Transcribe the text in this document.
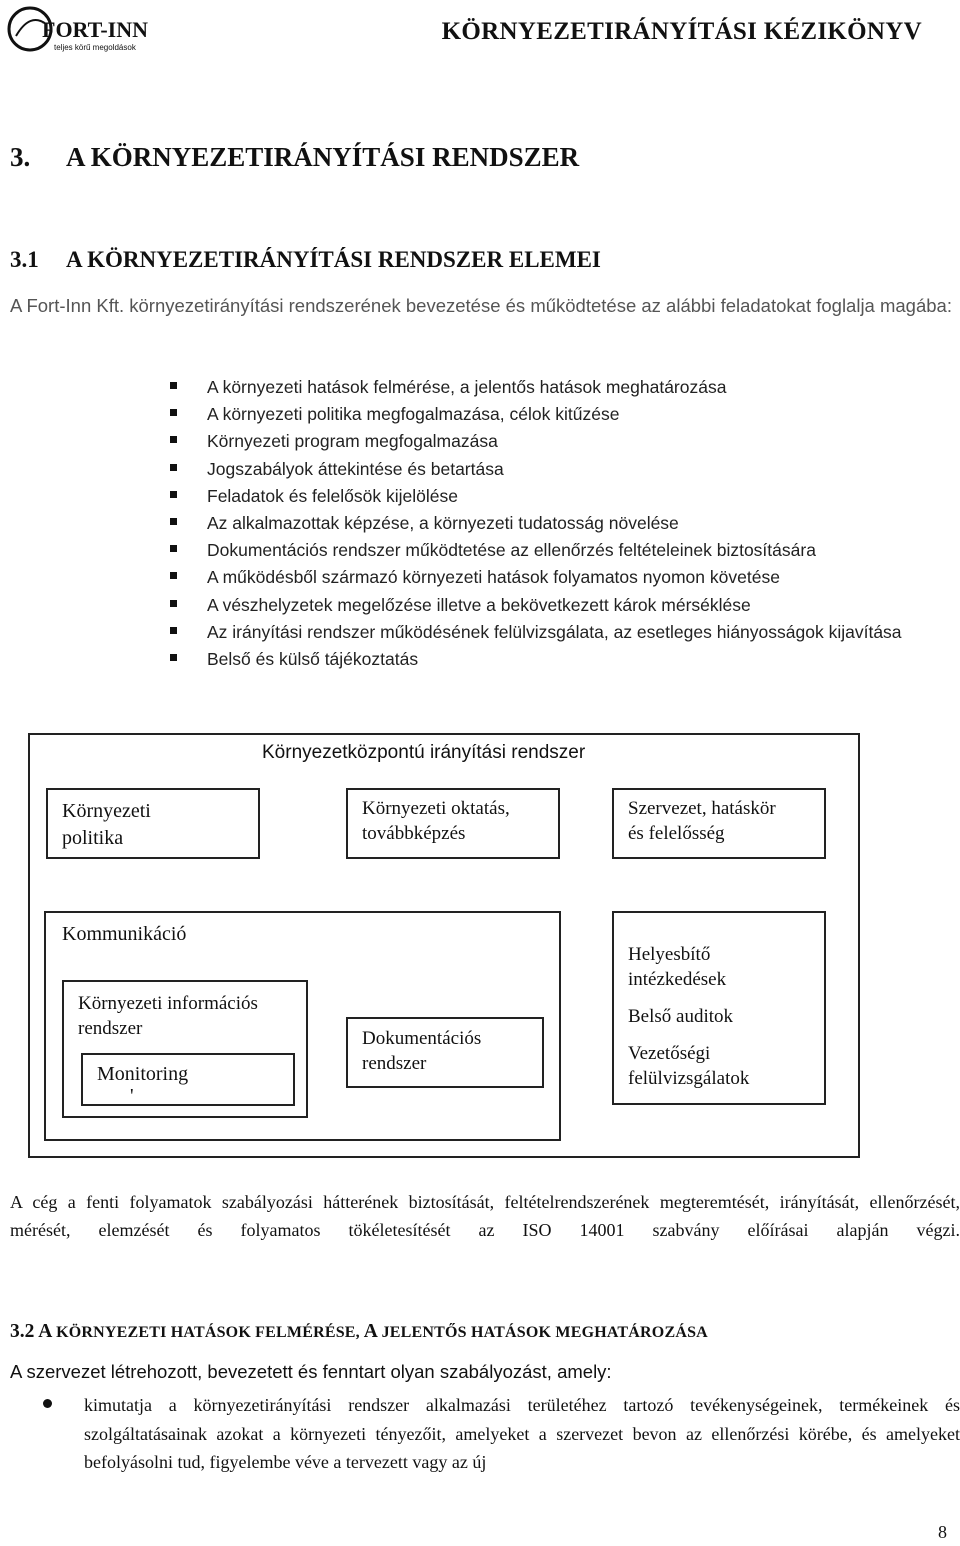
FORT-INN
teljes körű megoldások
KÖRNYEZETIRÁNYÍTÁSI KÉZIKÖNYV
3. A KÖRNYEZETIRÁNYÍTÁSI RENDSZER
3.1 A KÖRNYEZETIRÁNYÍTÁSI RENDSZER ELEMEI
A Fort-Inn Kft. környezetirányítási rendszerének bevezetése és működtetése az alábbi feladatokat foglalja magába:
A környezeti hatások felmérése, a jelentős hatások meghatározása
A környezeti politika megfogalmazása, célok kitűzése
Környezeti program megfogalmazása
Jogszabályok áttekintése és betartása
Feladatok és felelősök kijelölése
Az alkalmazottak képzése, a környezeti tudatosság növelése
Dokumentációs rendszer működtetése az ellenőrzés feltételeinek biztosítására
A működésből származó környezeti hatások folyamatos nyomon követése
A vészhelyzetek megelőzése illetve a bekövetkezett károk mérséklése
Az irányítási rendszer működésének felülvizsgálata, az esetleges hiányosságok kijavítása
Belső és külső tájékoztatás
Környezetközpontú irányítási rendszer
Környezeti
politika
Környezeti oktatás,
továbbképzés
Szervezet, hatáskör
és felelősség
Kommunikáció
Környezeti információs
rendszer
Monitoring
'
Dokumentációs
rendszer
Helyesbítő
intézkedések
Belső auditok
Vezetőségi
felülvizsgálatok
A cég a fenti folyamatok szabályozási hátterének biztosítását, feltételrendszerének megteremtését, irányítását, ellenőrzését, mérését, elemzését és folyamatos tökéletesítését az ISO 14001 szabvány előírásai alapján végzi.
3.2 A KÖRNYEZETI HATÁSOK FELMÉRÉSE, A JELENTŐS HATÁSOK MEGHATÁROZÁSA
A szervezet létrehozott, bevezetett és fenntart olyan szabályozást, amely:
kimutatja a környezetirányítási rendszer alkalmazási területéhez tartozó tevékenységeinek, termékeinek és szolgáltatásainak azokat a környezeti tényezőit, amelyeket a szervezet bevon az ellenőrzési körébe, és amelyeket befolyásolni tud, figyelembe véve a tervezett vagy az új
8
